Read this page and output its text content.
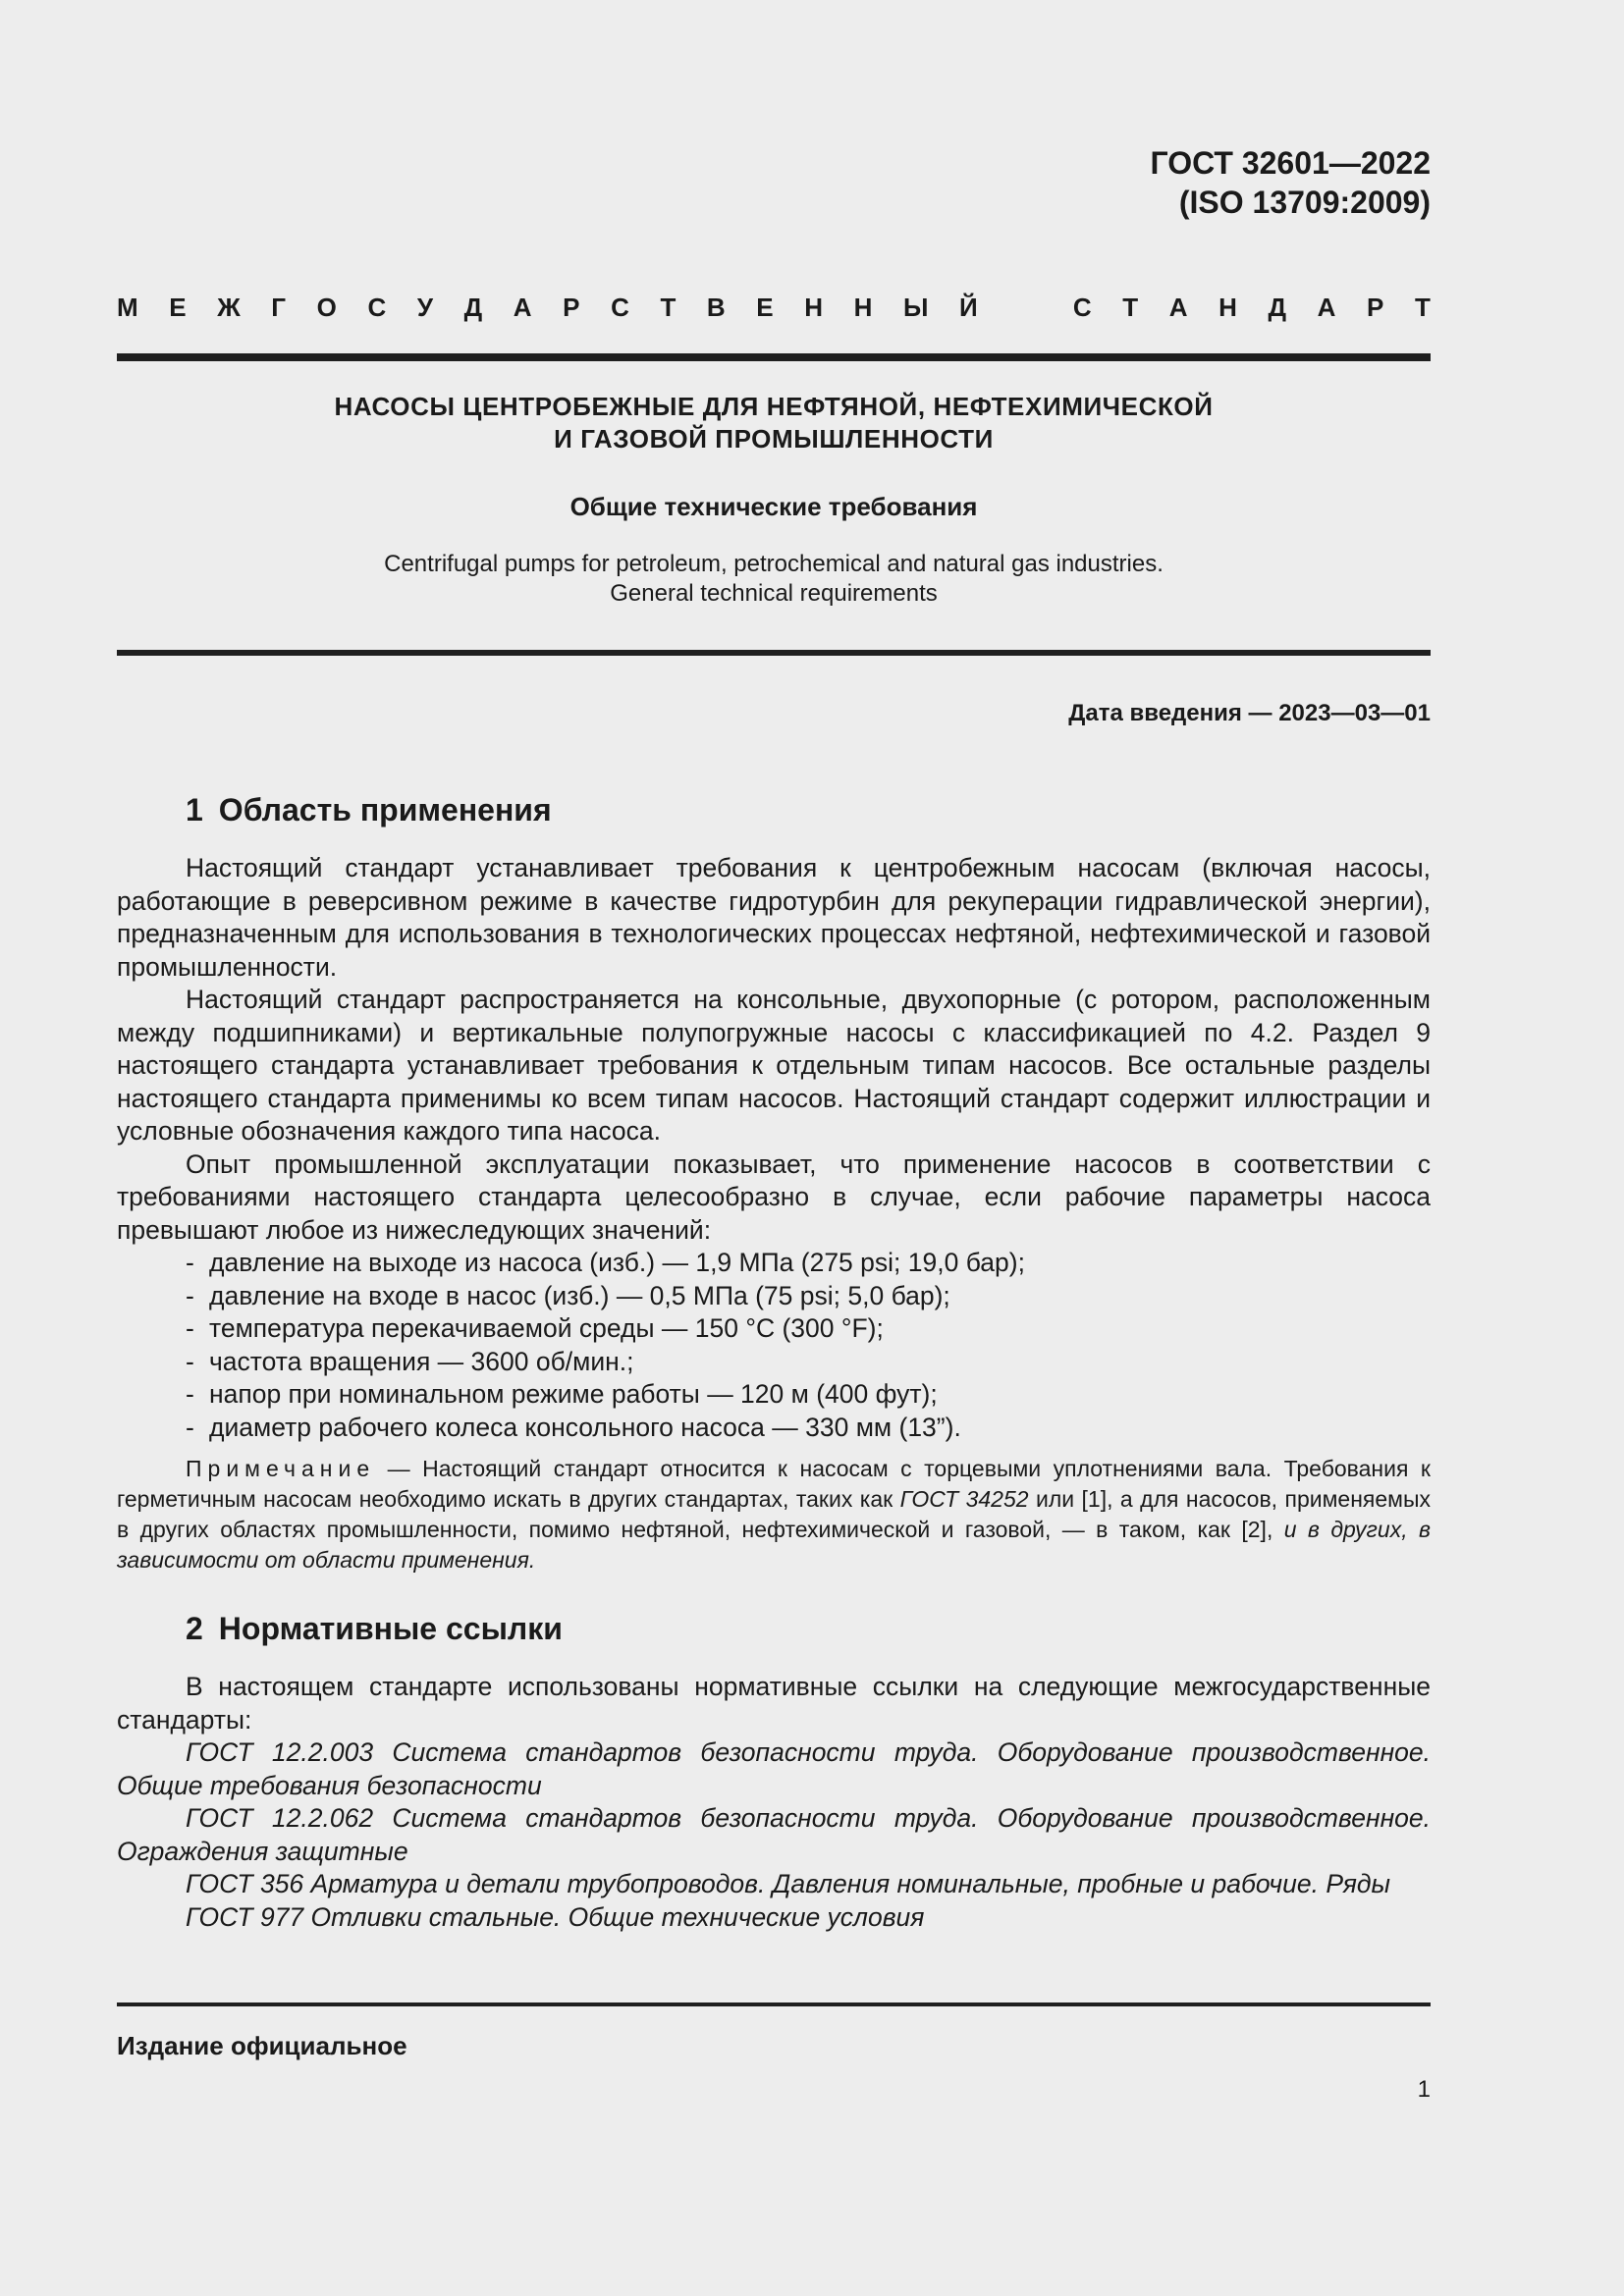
ГОСТ 32601—2022
(ISO 13709:2009)
М Е Ж Г О С У Д А Р С Т В Е Н Н Ы Й	С Т А Н Д А Р Т
НАСОСЫ ЦЕНТРОБЕЖНЫЕ ДЛЯ НЕФТЯНОЙ, НЕФТЕХИМИЧЕСКОЙ
И ГАЗОВОЙ ПРОМЫШЛЕННОСТИ
Общие технические требования
Centrifugal pumps for petroleum, petrochemical and natural gas industries.
General technical requirements
Дата введения — 2023—03—01
1 Область применения

Настоящий стандарт устанавливает требования к центробежным насосам (включая насосы, работающие в реверсивном режиме в качестве гидротурбин для рекуперации гидравлической энергии), предназначенным для использования в технологических процессах нефтяной, нефтехимической и газовой промышленности.

Настоящий стандарт распространяется на консольные, двухопорные (с ротором, расположенным между подшипниками) и вертикальные полупогружные насосы с классификацией по 4.2. Раздел 9 настоящего стандарта устанавливает требования к отдельным типам насосов. Все остальные разделы настоящего стандарта применимы ко всем типам насосов. Настоящий стандарт содержит иллюстрации и условные обозначения каждого типа насоса.

Опыт промышленной эксплуатации показывает, что применение насосов в соответствии с требованиями настоящего стандарта целесообразно в случае, если рабочие параметры насоса превышают любое из нижеследующих значений:

- давление на выходе из насоса (изб.) — 1,9 МПа (275 psi; 19,0 бар);
- давление на входе в насос (изб.) — 0,5 МПа (75 psi; 5,0 бар);
- температура перекачиваемой среды — 150 °С (300 °F);
- частота вращения — 3600 об/мин.;
- напор при номинальном режиме работы — 120 м (400 фут);
- диаметр рабочего колеса консольного насоса — 330 мм (13”).
Примечание — Настоящий стандарт относится к насосам с торцевыми уплотнениями вала. Требования к герметичным насосам необходимо искать в других стандартах, таких как ГОСТ 34252 или [1], а для насосов, применяемых в других областях промышленности, помимо нефтяной, нефтехимической и газовой, — в таком, как [2], и в других, в зависимости от области применения.
2 Нормативные ссылки

В настоящем стандарте использованы нормативные ссылки на следующие межгосударственные стандарты:

ГОСТ 12.2.003 Система стандартов безопасности труда. Оборудование производственное. Общие требования безопасности

ГОСТ 12.2.062 Система стандартов безопасности труда. Оборудование производственное. Ограждения защитные

ГОСТ 356 Арматура и детали трубопроводов. Давления номинальные, пробные и рабочие. Ряды

ГОСТ 977 Отливки стальные. Общие технические условия

Издание официальное
1
